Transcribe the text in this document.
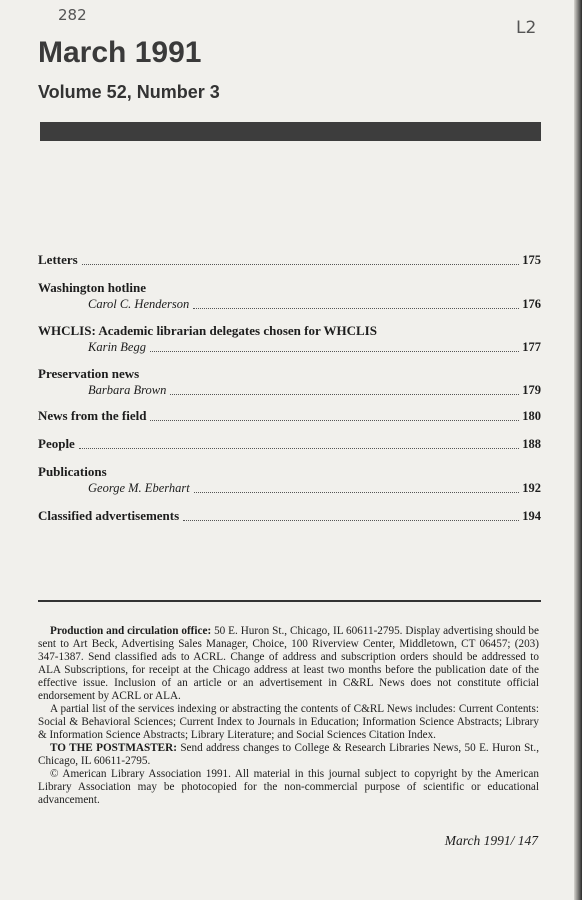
282
L2
March 1991
Volume 52, Number 3
Letters	175
Washington hotline
Carol C. Henderson	176
WHCLIS: Academic librarian delegates chosen for WHCLIS
Karin Begg	177
Preservation news
Barbara Brown	179
News from the field	180
People	188
Publications
George M. Eberhart	192
Classified advertisements	194

Production and circulation office: 50 E. Huron St., Chicago, IL 60611-2795. Display advertising should be sent to Art Beck, Advertising Sales Manager, Choice, 100 Riverview Center, Middletown, CT 06457; (203) 347-1387. Send classified ads to ACRL. Change of address and subscription orders should be addressed to ALA Subscriptions, for receipt at the Chicago address at least two months before the publication date of the effective issue. Inclusion of an article or an advertisement in C&RL News does not constitute official endorsement by ACRL or ALA.

A partial list of the services indexing or abstracting the contents of C&RL News includes: Current Contents: Social & Behavioral Sciences; Current Index to Journals in Education; Information Science Abstracts; Library & Information Science Abstracts; Library Literature; and Social Sciences Citation Index.

TO THE POSTMASTER: Send address changes to College & Research Libraries News, 50 E. Huron St., Chicago, IL 60611-2795.

© American Library Association 1991. All material in this journal subject to copyright by the American Library Association may be photocopied for the non-commercial purpose of scientific or educational advancement.

March 1991/ 147
